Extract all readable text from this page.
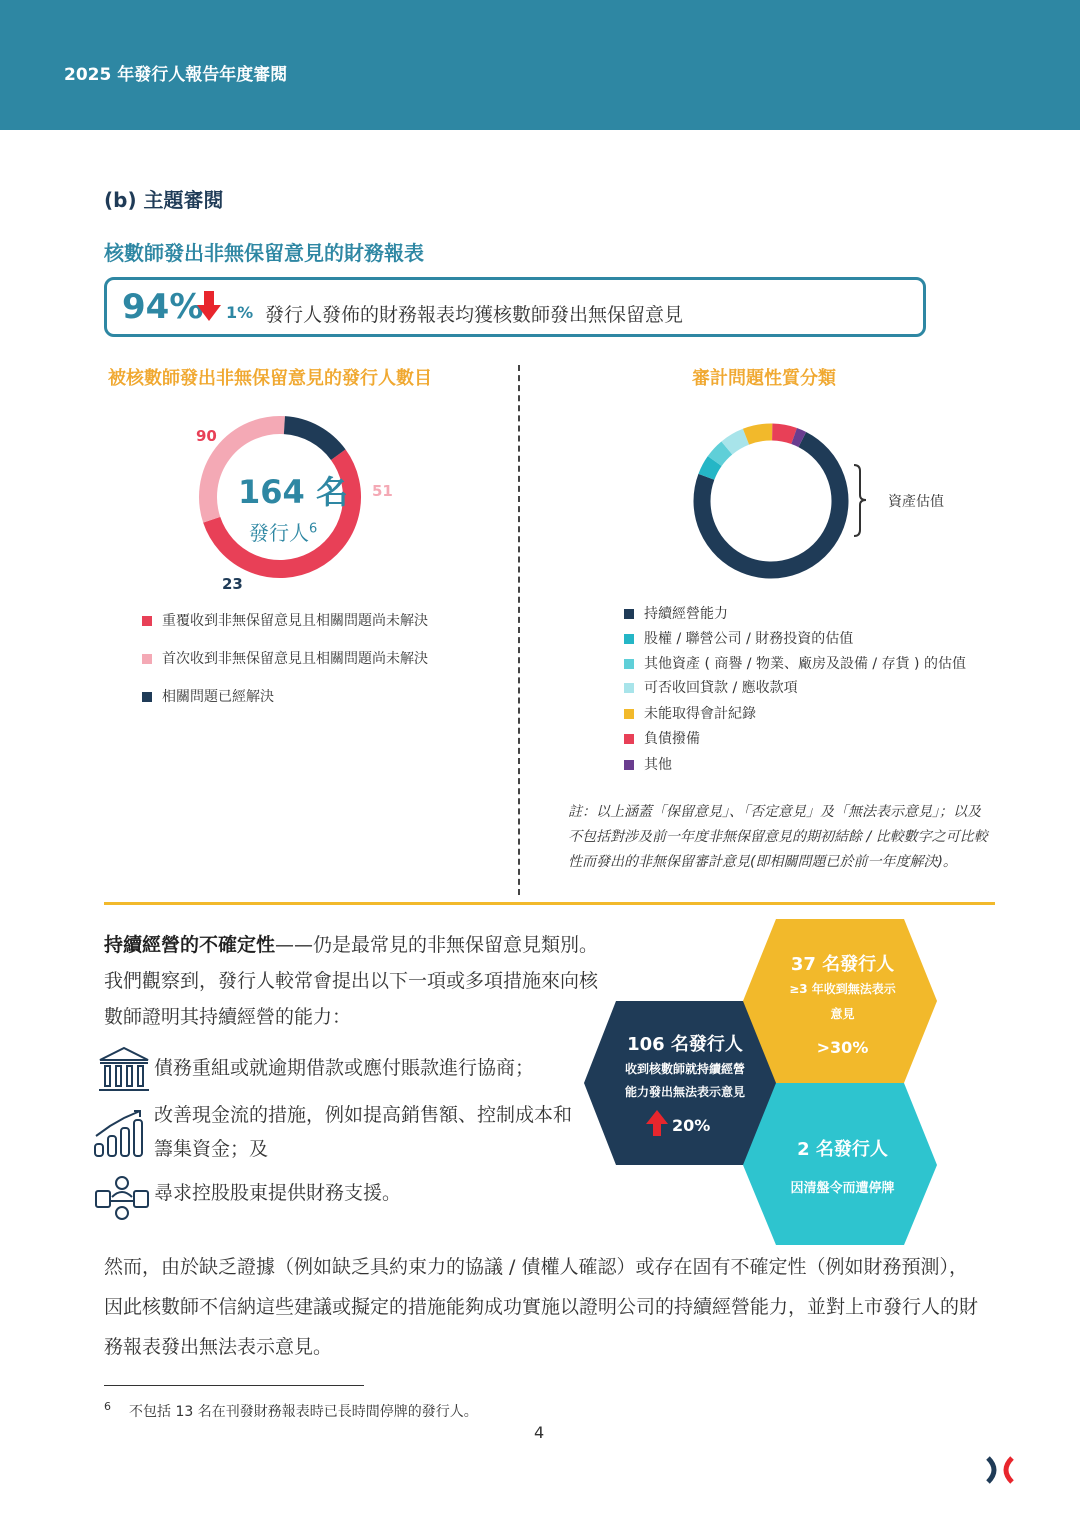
2025 年發行人報告年度審閱
(b) 主題審閱
核數師發出非無保留意見的財務報表
94% 1% 發行人發佈的財務報表均獲核數師發出無保留意見
被核數師發出非無保留意見的發行人數目	審計問題性質分類
90
51
23
164 名
發行人$^6$
重覆收到非無保留意見且相關問題尚未解決
首次收到非無保留意見且相關問題尚未解決
相關問題已經解決
資產估值
持續經營能力
股權 / 聯營公司 / 財務投資的估值
其他資產 ( 商譽 / 物業、廠房及設備 / 存貨 ) 的估值
可否收回貸款 / 應收款項
未能取得會計紀錄
負債撥備
其他
註：以上涵蓋「保留意見」、「否定意見」及「無法表示意見」；以及不包括對涉及前一年度非無保留意見的期初結餘 / 比較數字之可比較性而發出的非無保留審計意見(即相關問題已於前一年度解決)。
持續經營的不確定性——仍是最常見的非無保留意見類別。我們觀察到，發行人較常會提出以下一項或多項措施來向核數師證明其持續經營的能力：
債務重組或就逾期借款或應付賬款進行協商；
改善現金流的措施，例如提高銷售額、控制成本和籌集資金；及
尋求控股股東提供財務支援。
106 名發行人
收到核數師就持續經營
能力發出無法表示意見
20%
37 名發行人
≥3 年收到無法表示
意見
>30%
2 名發行人
因清盤令而遭停牌
然而，由於缺乏證據（例如缺乏具約束力的協議 / 債權人確認）或存在固有不確定性（例如財務預測），因此核數師不信納這些建議或擬定的措施能夠成功實施以證明公司的持續經營能力，並對上市發行人的財務報表發出無法表示意見。
6 不包括 13 名在刊發財務報表時已長時間停牌的發行人。
4
